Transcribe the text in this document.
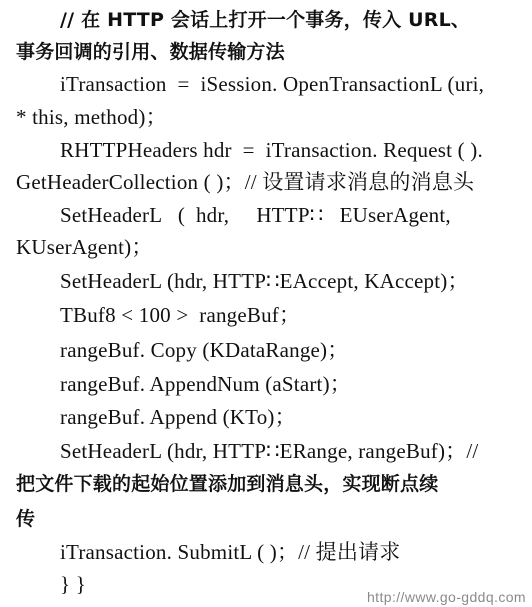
// 在 HTTP 会话上打开一个事务，传入 URL、
事务回调的引用、数据传输方法
iTransaction  =  iSession. OpenTransactionL (uri,
* this, method)；
RHTTPHeaders hdr  =  iTransaction. Request ( ).
GetHeaderCollection ( )；// 设置请求消息的消息头
SetHeaderL   (  hdr,     HTTP∷   EUserAgent,
KUserAgent)；
SetHeaderL (hdr, HTTP∷EAccept, KAccept)；
TBuf8 < 100 >  rangeBuf；
rangeBuf. Copy (KDataRange)；
rangeBuf. AppendNum (aStart)；
rangeBuf. Append (KTo)；
SetHeaderL (hdr, HTTP∷ERange, rangeBuf)；//
把文件下载的起始位置添加到消息头，实现断点续
传
iTransaction. SubmitL ( )；// 提出请求
} }
http://www.go-gddq.com
